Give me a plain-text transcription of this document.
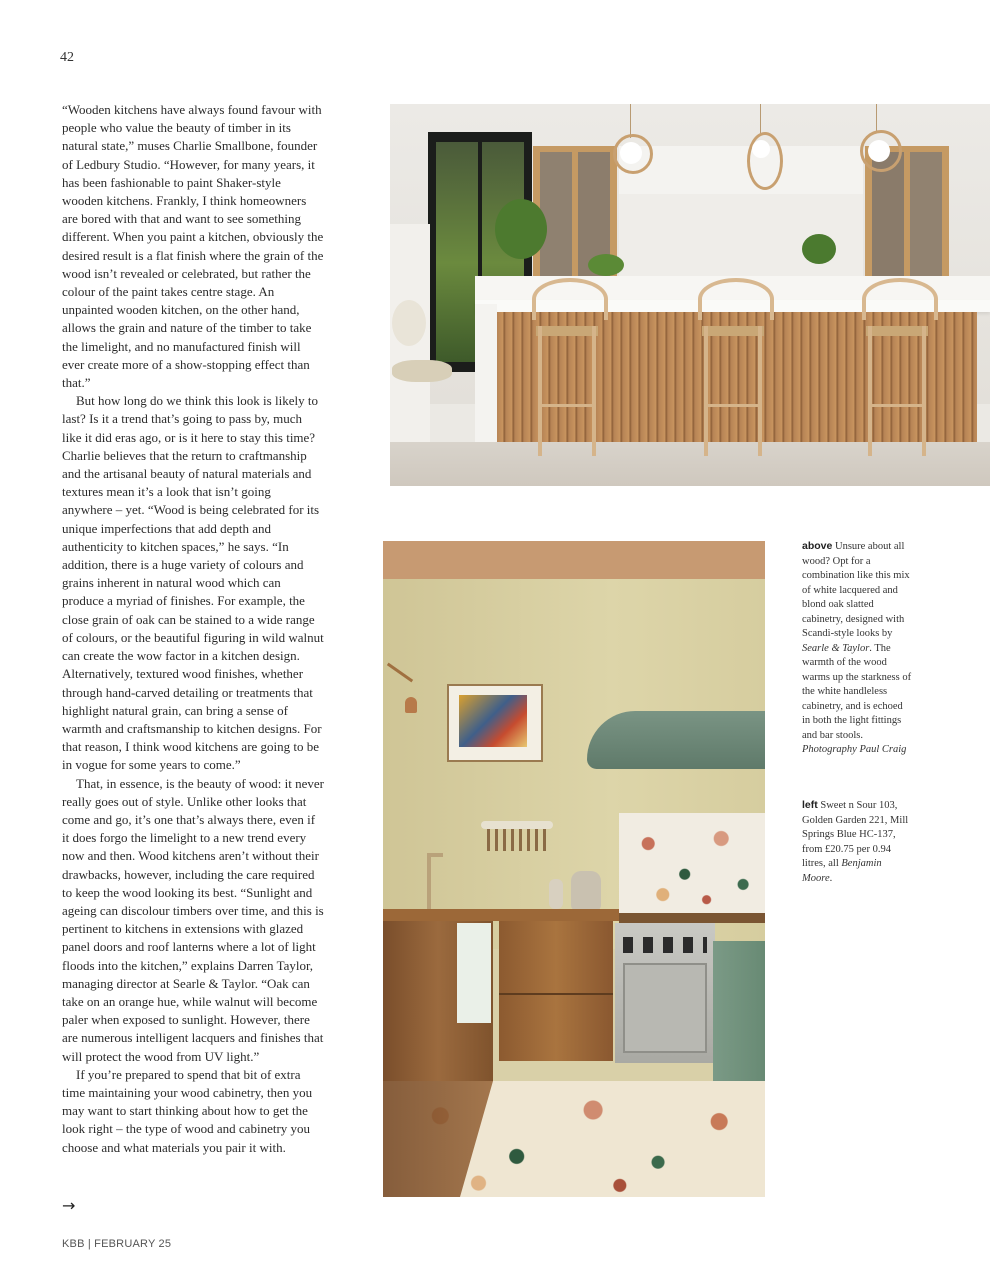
42

“Wooden kitchens have always found favour with people who value the beauty of timber in its natural state,” muses Charlie Smallbone, founder of Ledbury Studio. “However, for many years, it has been fashionable to paint Shaker-style wooden kitchens. Frankly, I think homeowners are bored with that and want to see something different. When you paint a kitchen, obviously the desired result is a flat finish where the grain of the wood isn’t revealed or celebrated, but rather the colour of the paint takes centre stage. An unpainted wooden kitchen, on the other hand, allows the grain and nature of the timber to take the limelight, and no manufactured finish will ever create more of a show-stopping effect than that.”

But how long do we think this look is likely to last? Is it a trend that’s going to pass by, much like it did eras ago, or is it here to stay this time? Charlie believes that the return to craftmanship and the artisanal beauty of natural materials and textures mean it’s a look that isn’t going anywhere – yet. “Wood is being celebrated for its unique imperfections that add depth and authenticity to kitchen spaces,” he says. “In addition, there is a huge variety of colours and grains inherent in natural wood which can produce a myriad of finishes. For example, the close grain of oak can be stained to a wide range of colours, or the beautiful figuring in wild walnut can create the wow factor in a kitchen design. Alternatively, textured wood finishes, whether through hand-carved detailing or treatments that highlight natural grain, can bring a sense of warmth and craftsmanship to kitchen designs. For that reason, I think wood kitchens are going to be in vogue for some years to come.”

That, in essence, is the beauty of wood: it never really goes out of style. Unlike other looks that come and go, it’s one that’s always there, even if it does forgo the limelight to a new trend every now and then. Wood kitchens aren’t without their drawbacks, however, including the care required to keep the wood looking its best. “Sunlight and ageing can discolour timbers over time, and this is pertinent to kitchens in extensions with glazed panel doors and roof lanterns where a lot of light floods into the kitchen,” explains Darren Taylor, managing director at Searle & Taylor. “Oak can take on an orange hue, while walnut will become paler when exposed to sunlight. However, there are numerous intelligent lacquers and finishes that will protect the wood from UV light.”

If you’re prepared to spend that bit of extra time maintaining your wood cabinetry, then you may want to start thinking about how to get the look right – the type of wood and cabinetry you choose and what materials you pair it with.

→
KBB | FEBRUARY 25
above Unsure about all wood? Opt for a combination like this mix of white lacquered and blond oak slatted cabinetry, designed with Scandi-style looks by Searle & Taylor. The warmth of the wood warms up the starkness of the white handleless cabinetry, and is echoed in both the light fittings and bar stools. Photography Paul Craig
left Sweet n Sour 103, Golden Garden 221, Mill Springs Blue HC-137, from £20.75 per 0.94 litres, all Benjamin Moore.
